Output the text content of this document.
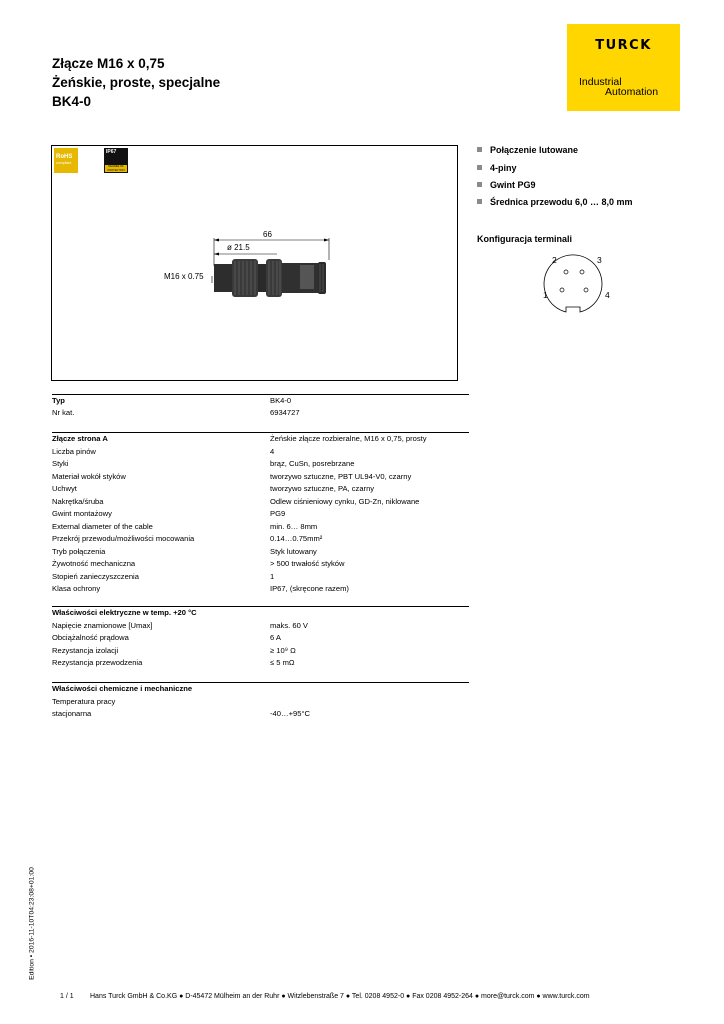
Złącze M16 x 0,75
Żeńskie, proste, specjalne
BK4-0
TURCK
Industrial
Automation
RoHS
compliant
IP67
DEGREE OF PROTECTION
66
ø 21.5
M16 x 0.75
Połączenie lutowane
4-piny
Gwint PG9
Średnica przewodu 6,0 … 8,0 mm
Konfiguracja terminali
2	3
1	4
Typ	BK4-0
Nr kat.	6934727
Złącze strona A	Żeńskie złącze rozbieralne, M16 x 0,75, prosty
Liczba pinów	4
Styki	brąz, CuSn, posrebrzane
Materiał wokół styków	tworzywo sztuczne, PBT UL94-V0, czarny
Uchwyt	tworzywo sztuczne, PA, czarny
Nakrętka/śruba	Odlew ciśnieniowy cynku, GD-Zn, niklowane
Gwint montażowy	PG9
External diameter of the cable	min. 6… 8mm
Przekrój przewodu/możliwości mocowania	0.14…0.75mm²
Tryb połączenia	Styk lutowany
Żywotność mechaniczna	> 500 trwałość styków
Stopień zanieczyszczenia	1
Klasa ochrony	IP67, (skręcone razem)
Właściwości elektryczne w temp. +20 °C
Napięcie znamionowe [Umax]	maks. 60 V
Obciążalność prądowa	6 A
Rezystancja izolacji	≥ 10⁹ Ω
Rezystancja przewodzenia	≤ 5 mΩ
Właściwości chemiczne i mechaniczne
Temperatura pracy
stacjonarna	-40…+95°C
Edition • 2016-11-10T04:23:08+01:00
1 / 1 Hans Turck GmbH & Co.KG ● D-45472 Mülheim an der Ruhr ● Witzlebenstraße 7 ● Tel. 0208 4952-0 ● Fax 0208 4952-264 ● more@turck.com ● www.turck.com
